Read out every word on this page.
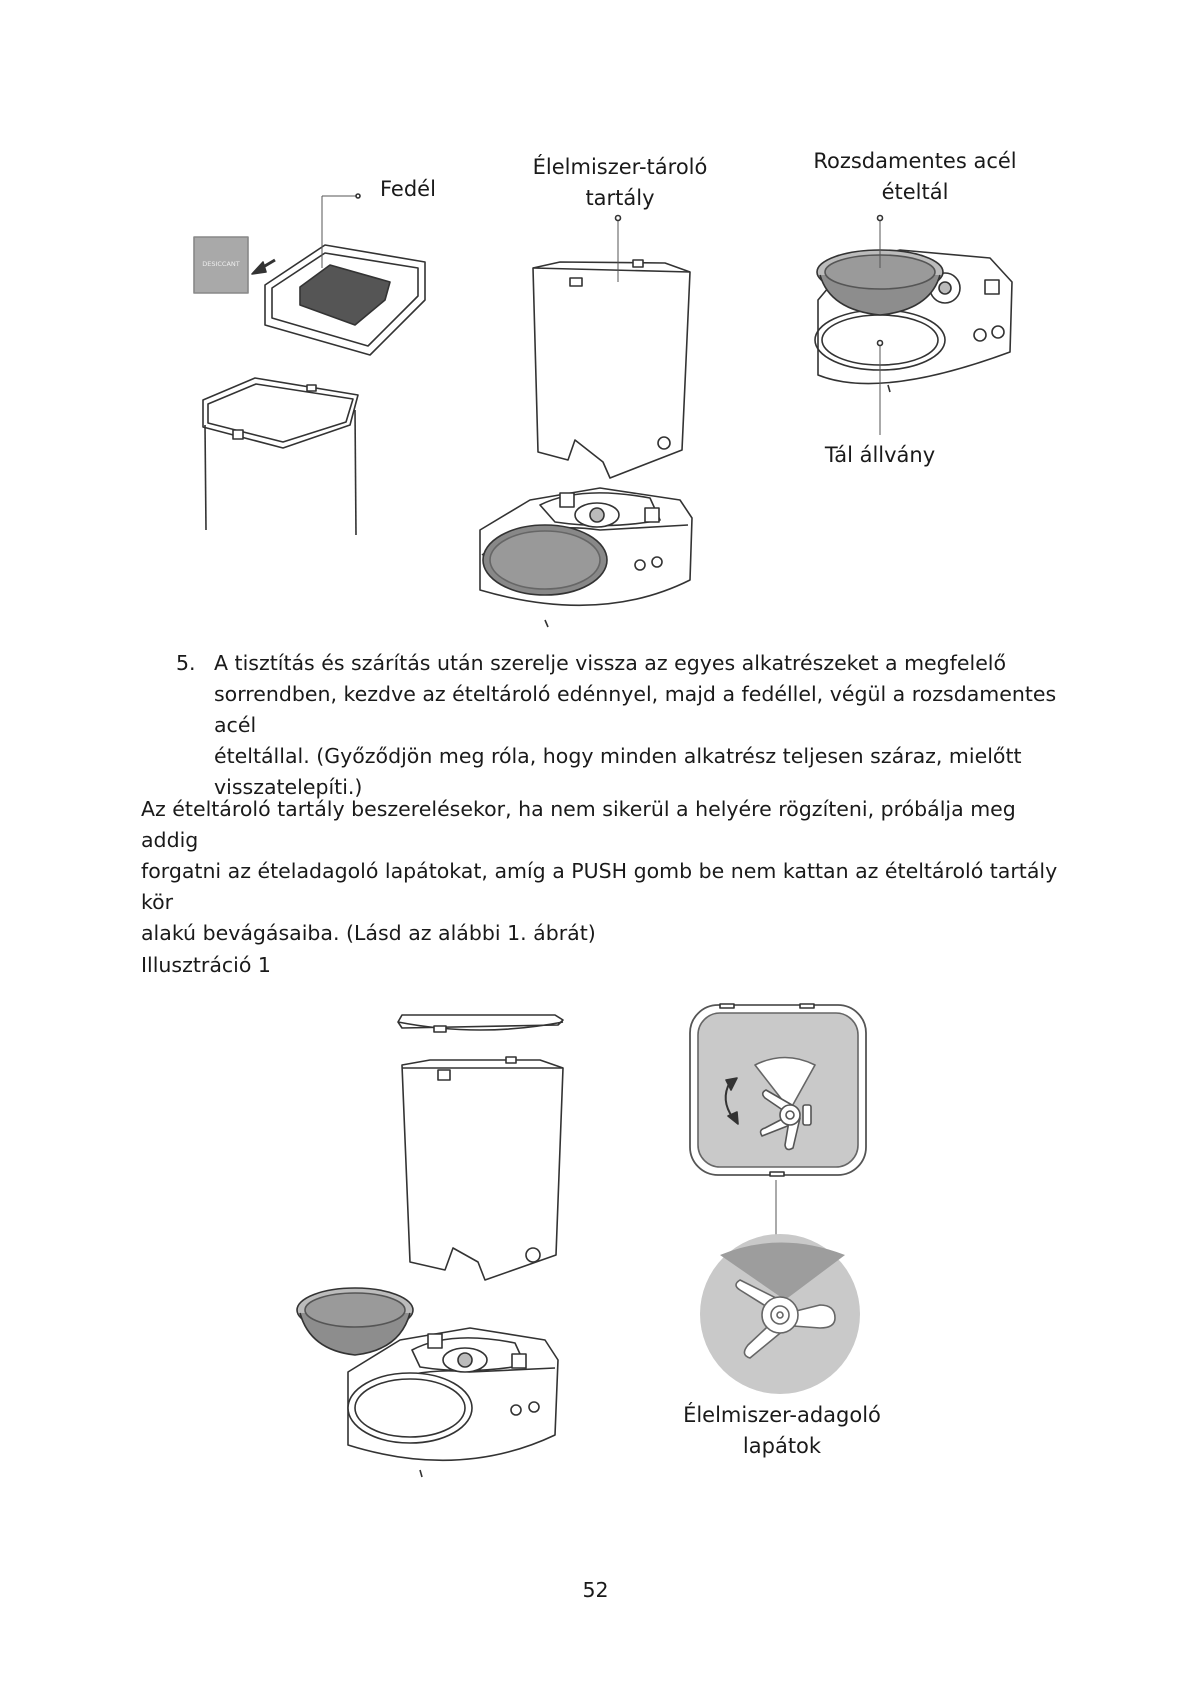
DESICCANT
Fedél
Élelmiszer-tároló
tartály
Rozsdamentes acél
ételtál
Tál állvány
5. A tisztítás és szárítás után szerelje vissza az egyes alkatrészeket a megfelelő
sorrendben, kezdve az ételtároló edénnyel, majd a fedéllel, végül a rozsdamentes acél
ételtállal. (Győződjön meg róla, hogy minden alkatrész teljesen száraz, mielőtt
visszatelepíti.)
Az ételtároló tartály beszerelésekor, ha nem sikerül a helyére rögzíteni, próbálja meg addig
forgatni az ételadagoló lapátokat, amíg a PUSH gomb be nem kattan az ételtároló tartály kör
alakú bevágásaiba. (Lásd az alábbi 1. ábrát)
Illusztráció 1
Élelmiszer-adagoló
lapátok
52
